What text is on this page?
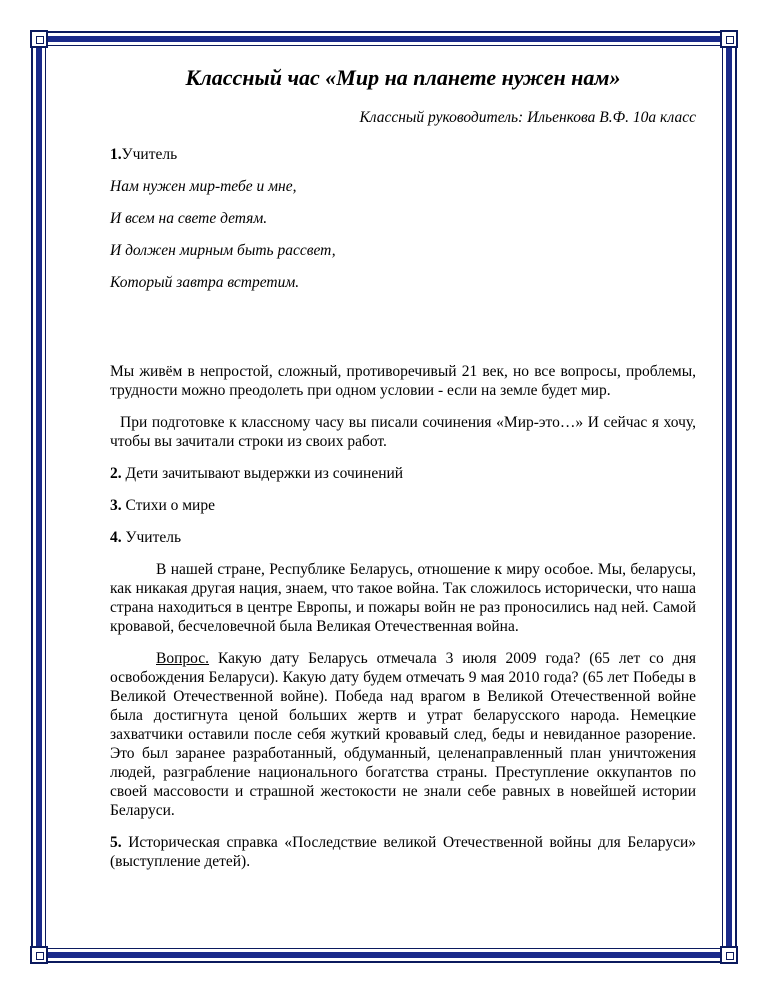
Классный час «Мир на планете нужен нам»
Классный руководитель: Ильенкова В.Ф. 10а класс

1.Учитель

Нам нужен мир-тебе и мне,
И всем на свете детям.
И должен мирным быть рассвет,
Который завтра встретим.

Мы живём в непростой, сложный, противоречивый 21 век, но все вопросы, проблемы, трудности можно преодолеть при одном условии - если на земле будет мир.

При подготовке к классному часу вы писали сочинения «Мир-это…» И сейчас я хочу, чтобы вы зачитали строки из своих работ.

2. Дети зачитывают выдержки из сочинений

3. Стихи о мире

4. Учитель

В нашей стране, Республике Беларусь, отношение к миру особое. Мы, беларусы, как никакая другая нация, знаем, что такое война. Так сложилось исторически, что наша страна находиться в центре Европы, и пожары войн не раз проносились над ней. Самой кровавой, бесчеловечной была Великая Отечественная война.

Вопрос. Какую дату Беларусь отмечала 3 июля 2009 года? (65 лет со дня освобождения Беларуси). Какую дату будем отмечать 9 мая 2010 года? (65 лет Победы в Великой Отечественной войне). Победа над врагом в Великой Отечественной войне была достигнута ценой больших жертв и утрат беларусского народа. Немецкие захватчики оставили после себя жуткий кровавый след, беды и невиданное разорение. Это был заранее разработанный, обдуманный, целенаправленный план уничтожения людей, разграбление национального богатства страны. Преступление оккупантов по своей массовости и страшной жестокости не знали себе равных в новейшей истории Беларуси.

5. Историческая справка «Последствие великой Отечественной войны для Беларуси» (выступление детей).
